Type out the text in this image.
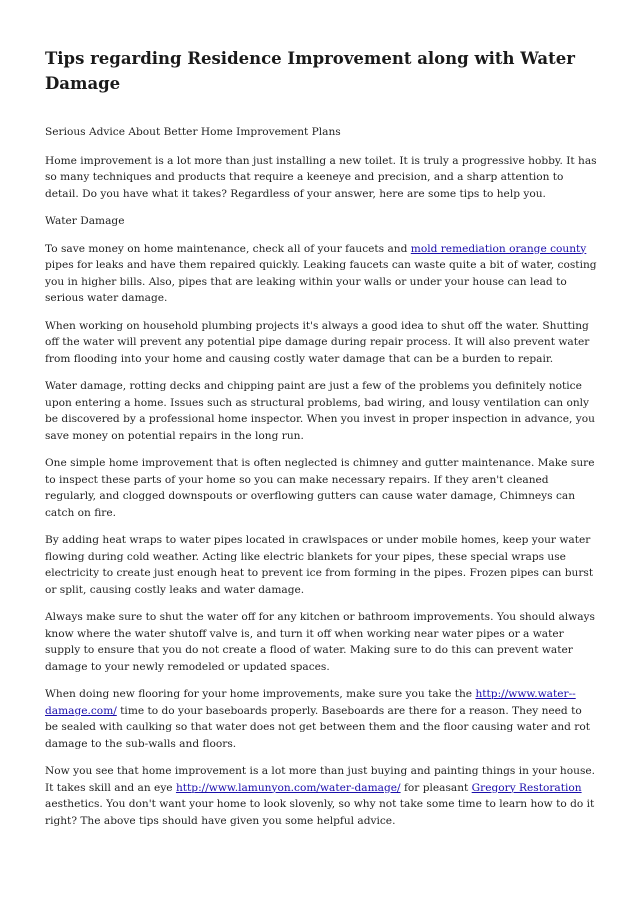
Tips regarding Residence Improvement along with Water Damage

Serious Advice About Better Home Improvement Plans

Home improvement is a lot more than just installing a new toilet. It is truly a progressive hobby. It has so many techniques and products that require a keeneye and precision, and a sharp attention to detail. Do you have what it takes? Regardless of your answer, here are some tips to help you.

Water Damage

To save money on home maintenance, check all of your faucets and mold remediation orange county pipes for leaks and have them repaired quickly. Leaking faucets can waste quite a bit of water, costing you in higher bills. Also, pipes that are leaking within your walls or under your house can lead to serious water damage.

When working on household plumbing projects it's always a good idea to shut off the water. Shutting off the water will prevent any potential pipe damage during repair process. It will also prevent water from flooding into your home and causing costly water damage that can be a burden to repair.

Water damage, rotting decks and chipping paint are just a few of the problems you definitely notice upon entering a home. Issues such as structural problems, bad wiring, and lousy ventilation can only be discovered by a professional home inspector. When you invest in proper inspection in advance, you save money on potential repairs in the long run.

One simple home improvement that is often neglected is chimney and gutter maintenance. Make sure to inspect these parts of your home so you can make necessary repairs. If they aren't cleaned regularly, and clogged downspouts or overflowing gutters can cause water damage, Chimneys can catch on fire.

By adding heat wraps to water pipes located in crawlspaces or under mobile homes, keep your water flowing during cold weather. Acting like electric blankets for your pipes, these special wraps use electricity to create just enough heat to prevent ice from forming in the pipes. Frozen pipes can burst or split, causing costly leaks and water damage.

Always make sure to shut the water off for any kitchen or bathroom improvements. You should always know where the water shutoff valve is, and turn it off when working near water pipes or a water supply to ensure that you do not create a flood of water. Making sure to do this can prevent water damage to your newly remodeled or updated spaces.

When doing new flooring for your home improvements, make sure you take the http://www.water--damage.com/ time to do your baseboards properly. Baseboards are there for a reason. They need to be sealed with caulking so that water does not get between them and the floor causing water and rot damage to the sub-walls and floors.

Now you see that home improvement is a lot more than just buying and painting things in your house. It takes skill and an eye http://www.lamunyon.com/water-damage/ for pleasant Gregory Restoration aesthetics. You don't want your home to look slovenly, so why not take some time to learn how to do it right? The above tips should have given you some helpful advice.
